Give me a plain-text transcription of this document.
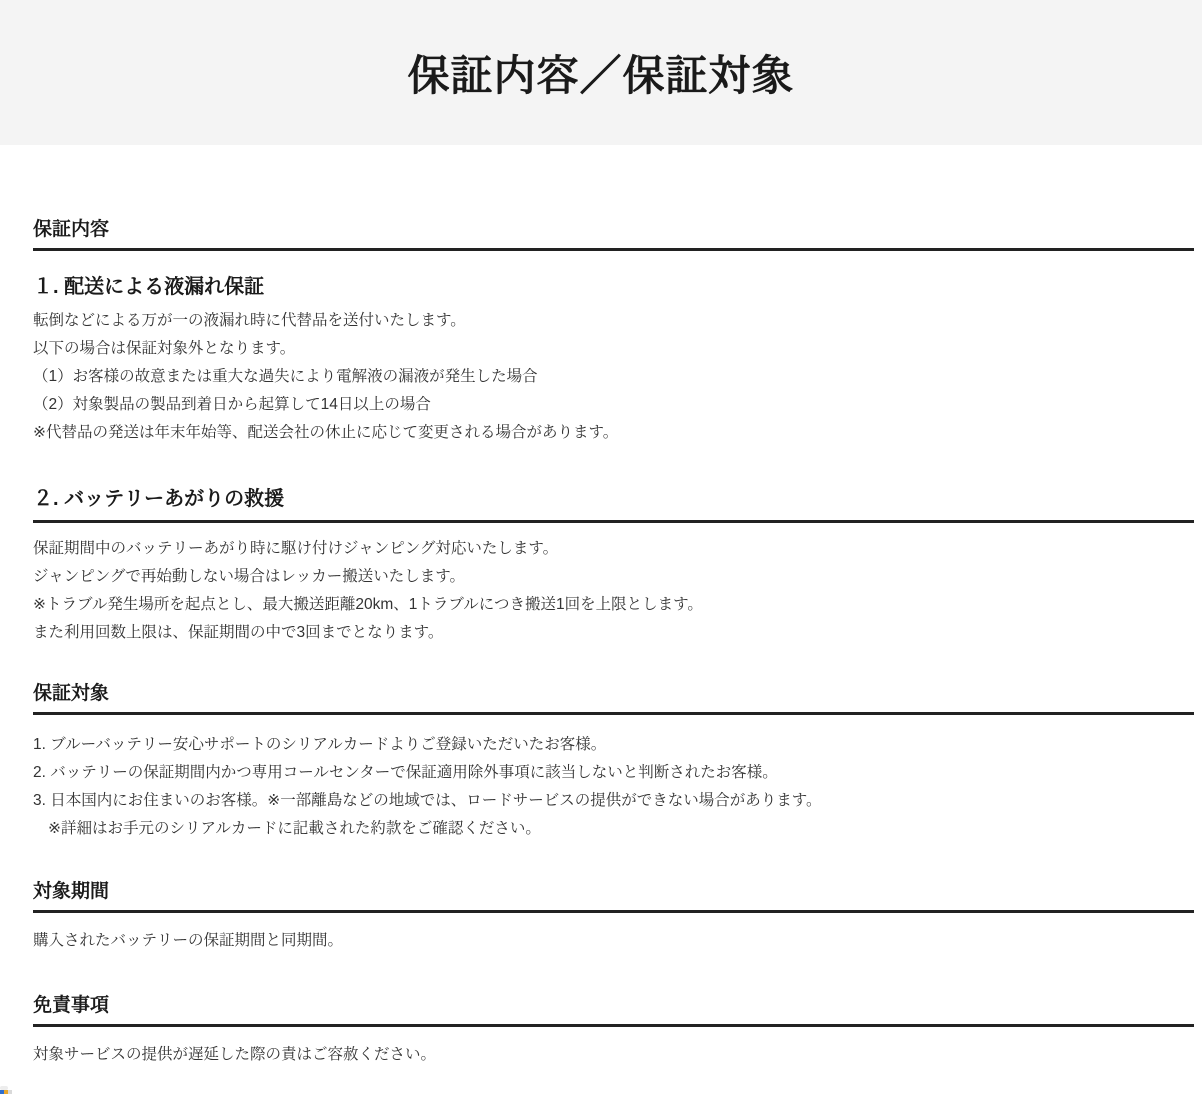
保証内容／保証対象
保証内容
１. 配送による液漏れ保証
転倒などによる万が一の液漏れ時に代替品を送付いたします。
以下の場合は保証対象外となります。
（1）お客様の故意または重大な過失により電解液の漏液が発生した場合
（2）対象製品の製品到着日から起算して14日以上の場合
※代替品の発送は年末年始等、配送会社の休止に応じて変更される場合があります。
２. バッテリーあがりの救援
保証期間中のバッテリーあがり時に駆け付けジャンピング対応いたします。
ジャンピングで再始動しない場合はレッカー搬送いたします。
※トラブル発生場所を起点とし、最大搬送距離20km、1トラブルにつき搬送1回を上限とします。
また利用回数上限は、保証期間の中で3回までとなります。
保証対象
1. ブルーバッテリー安心サポートのシリアルカードよりご登録いただいたお客様。
2. バッテリーの保証期間内かつ専用コールセンターで保証適用除外事項に該当しないと判断されたお客様。
3. 日本国内にお住まいのお客様。※一部離島などの地域では、ロードサービスの提供ができない場合があります。
※詳細はお手元のシリアルカードに記載された約款をご確認ください。
対象期間
購入されたバッテリーの保証期間と同期間。
免責事項
対象サービスの提供が遅延した際の責はご容赦ください。
